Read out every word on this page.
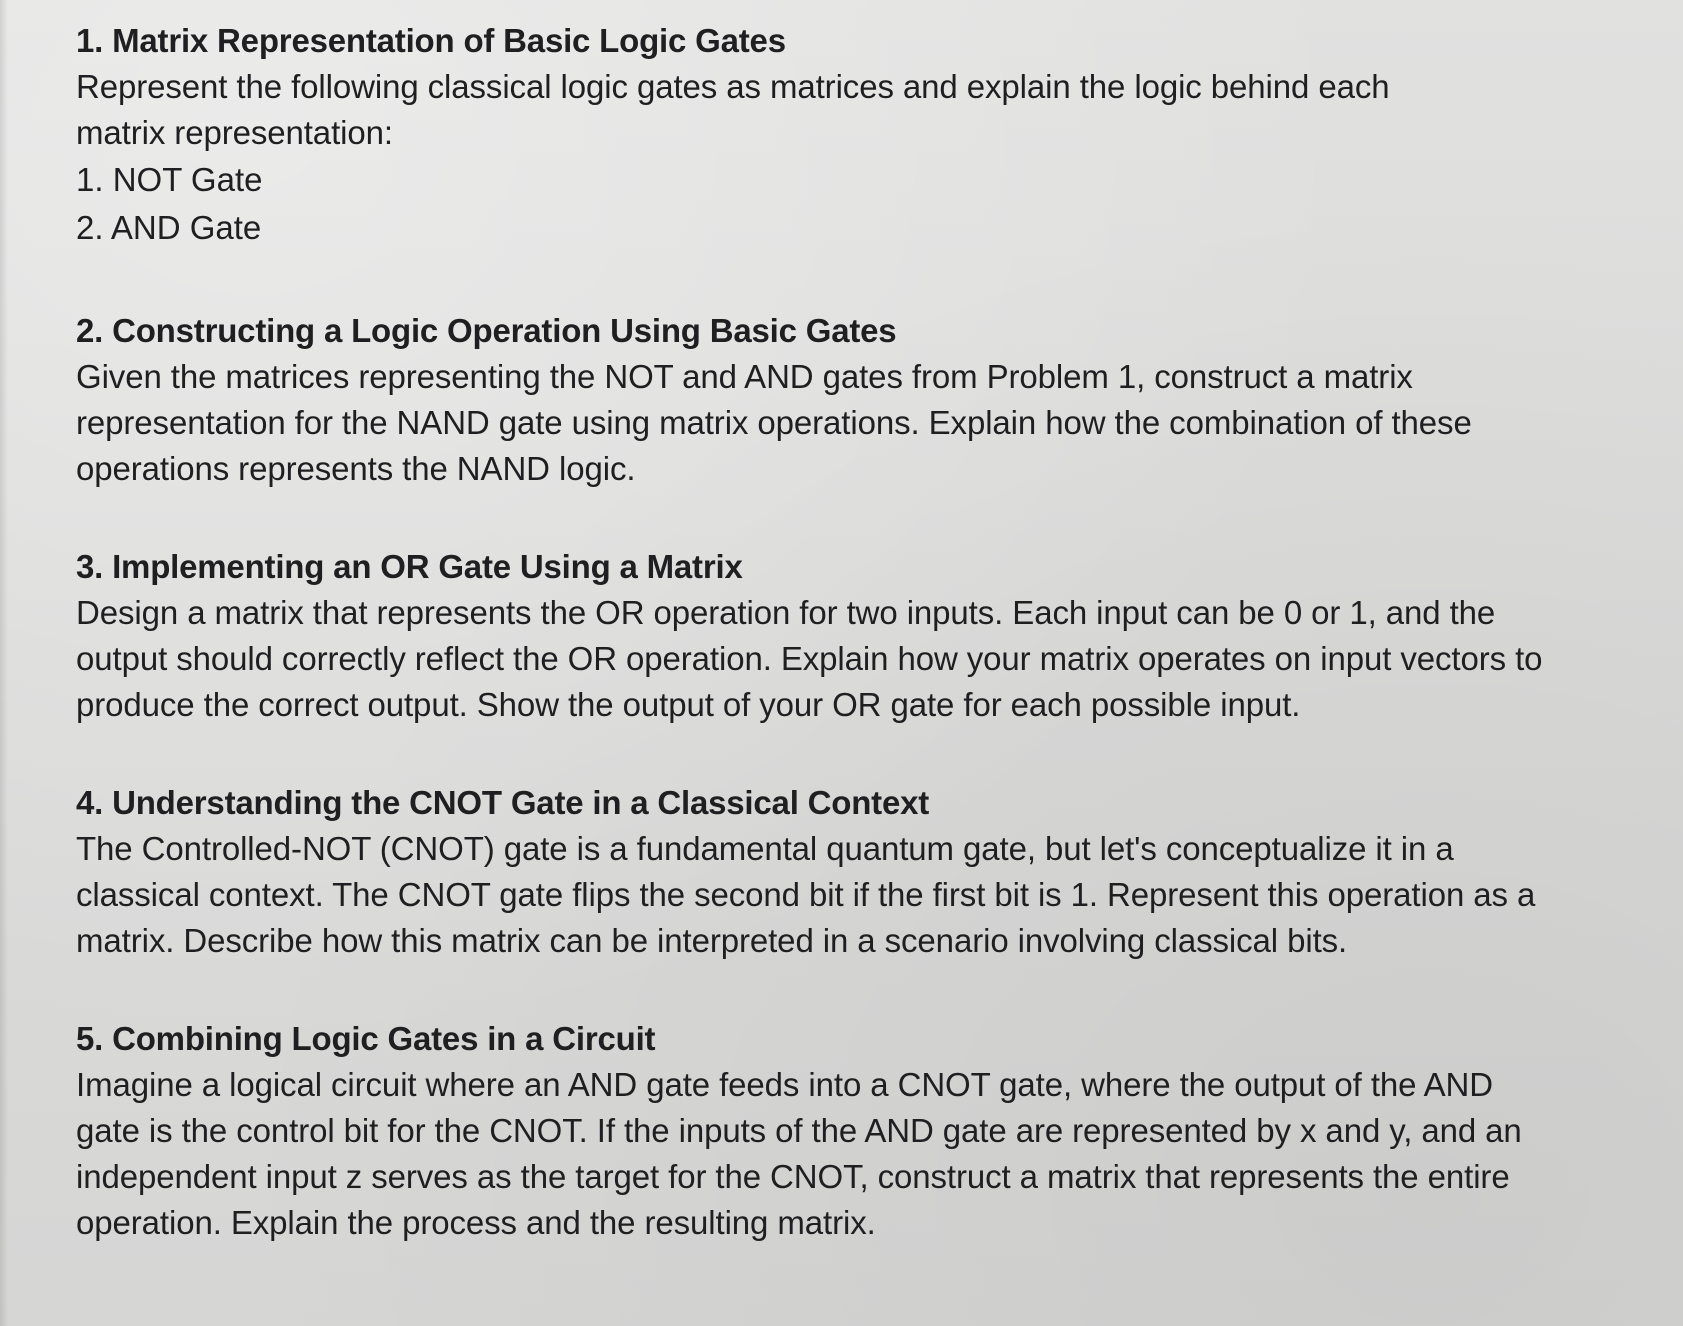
1. Matrix Representation of Basic Logic Gates

Represent the following classical logic gates as matrices and explain the logic behind each matrix representation:

1. NOT Gate
2. AND Gate
2. Constructing a Logic Operation Using Basic Gates

Given the matrices representing the NOT and AND gates from Problem 1, construct a matrix representation for the NAND gate using matrix operations. Explain how the combination of these operations represents the NAND logic.

3. Implementing an OR Gate Using a Matrix

Design a matrix that represents the OR operation for two inputs. Each input can be 0 or 1, and the output should correctly reflect the OR operation. Explain how your matrix operates on input vectors to produce the correct output. Show the output of your OR gate for each possible input.

4. Understanding the CNOT Gate in a Classical Context

The Controlled-NOT (CNOT) gate is a fundamental quantum gate, but let's conceptualize it in a classical context. The CNOT gate flips the second bit if the first bit is 1. Represent this operation as a matrix. Describe how this matrix can be interpreted in a scenario involving classical bits.

5. Combining Logic Gates in a Circuit

Imagine a logical circuit where an AND gate feeds into a CNOT gate, where the output of the AND gate is the control bit for the CNOT. If the inputs of the AND gate are represented by x and y, and an independent input z serves as the target for the CNOT, construct a matrix that represents the entire operation. Explain the process and the resulting matrix.
